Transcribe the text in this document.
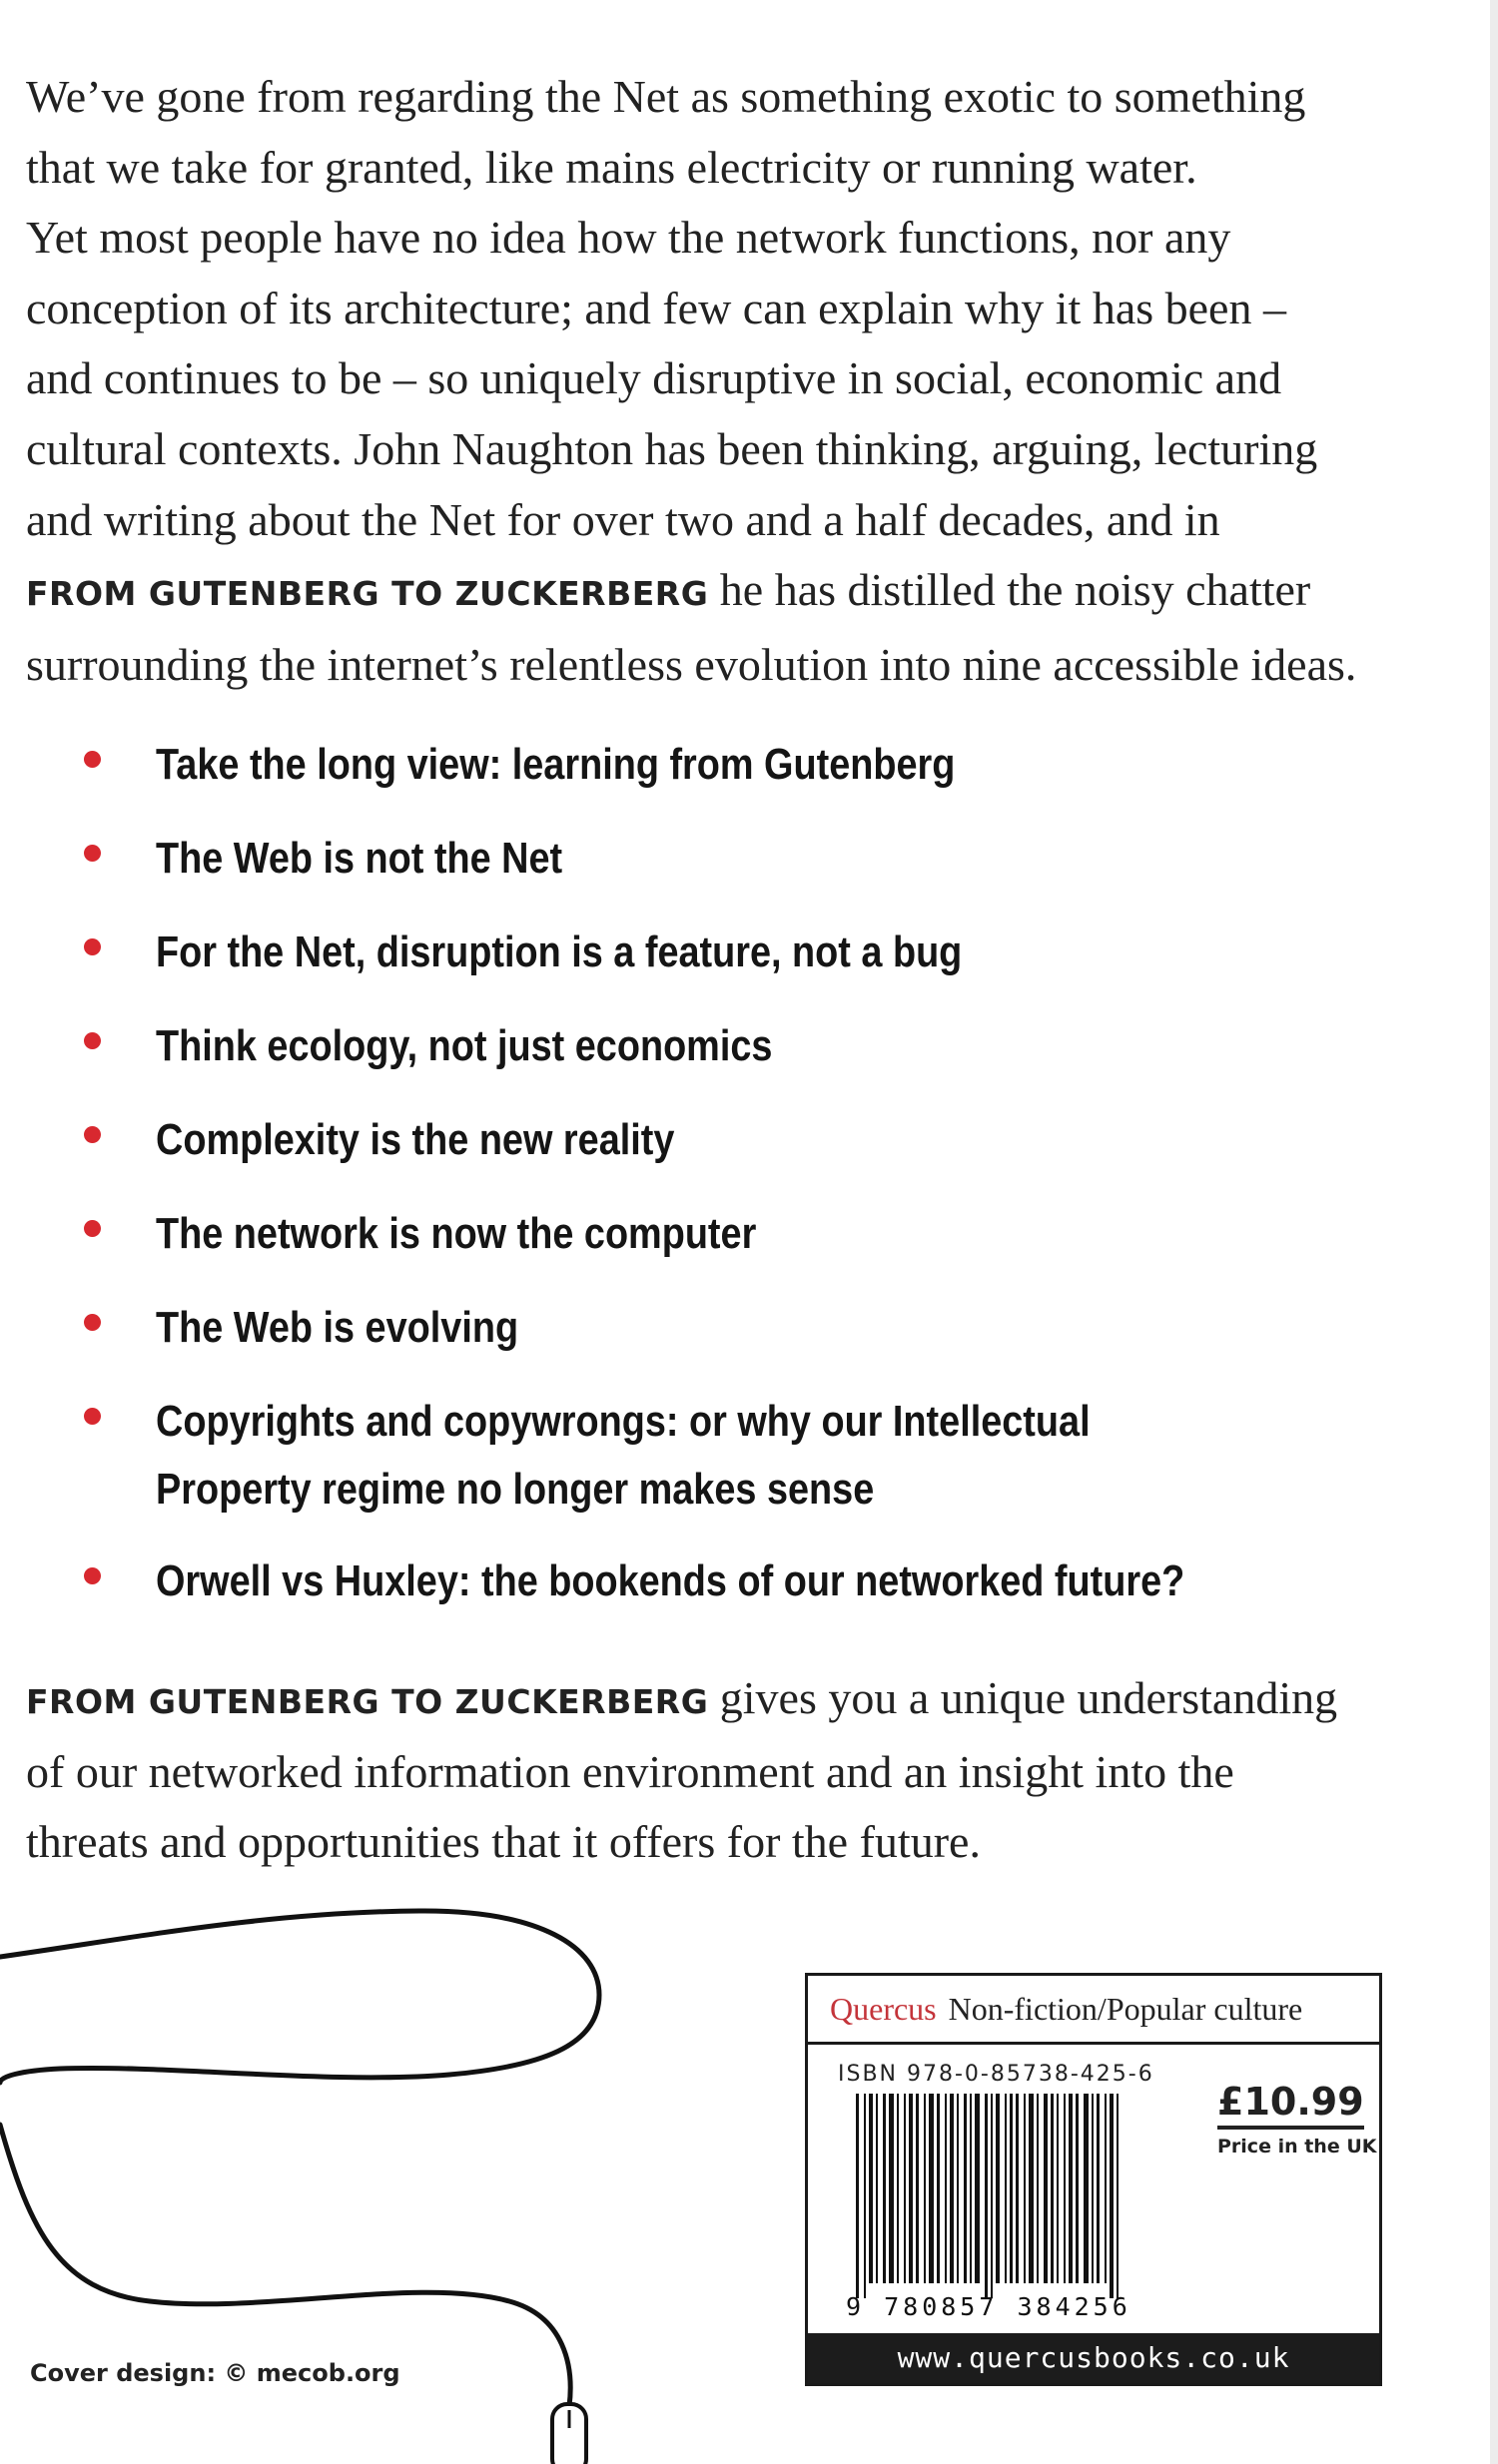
We’ve gone from regarding the Net as something exotic to something
that we take for granted, like mains electricity or running water.
Yet most people have no idea how the network functions, nor any
conception of its architecture; and few can explain why it has been –
and continues to be – so uniquely disruptive in social, economic and
cultural contexts. John Naughton has been thinking, arguing, lecturing
and writing about the Net for over two and a half decades, and in
FROM GUTENBERG TO ZUCKERBERG he has distilled the noisy chatter
surrounding the internet’s relentless evolution into nine accessible ideas.
Take the long view: learning from Gutenberg
The Web is not the Net
For the Net, disruption is a feature, not a bug
Think ecology, not just economics
Complexity is the new reality
The network is now the computer
The Web is evolving
Copyrights and copywrongs: or why our Intellectual
Property regime no longer makes sense
Orwell vs Huxley: the bookends of our networked future?
FROM GUTENBERG TO ZUCKERBERG gives you a unique understanding
of our networked information environment and an insight into the
threats and opportunities that it offers for the future.
Cover design: © mecob.org
Quercus Non-fiction/Popular culture
ISBN 978-0-85738-425-6
9 780857 384256
£10.99
Price in the UK
www.quercusbooks.co.uk
